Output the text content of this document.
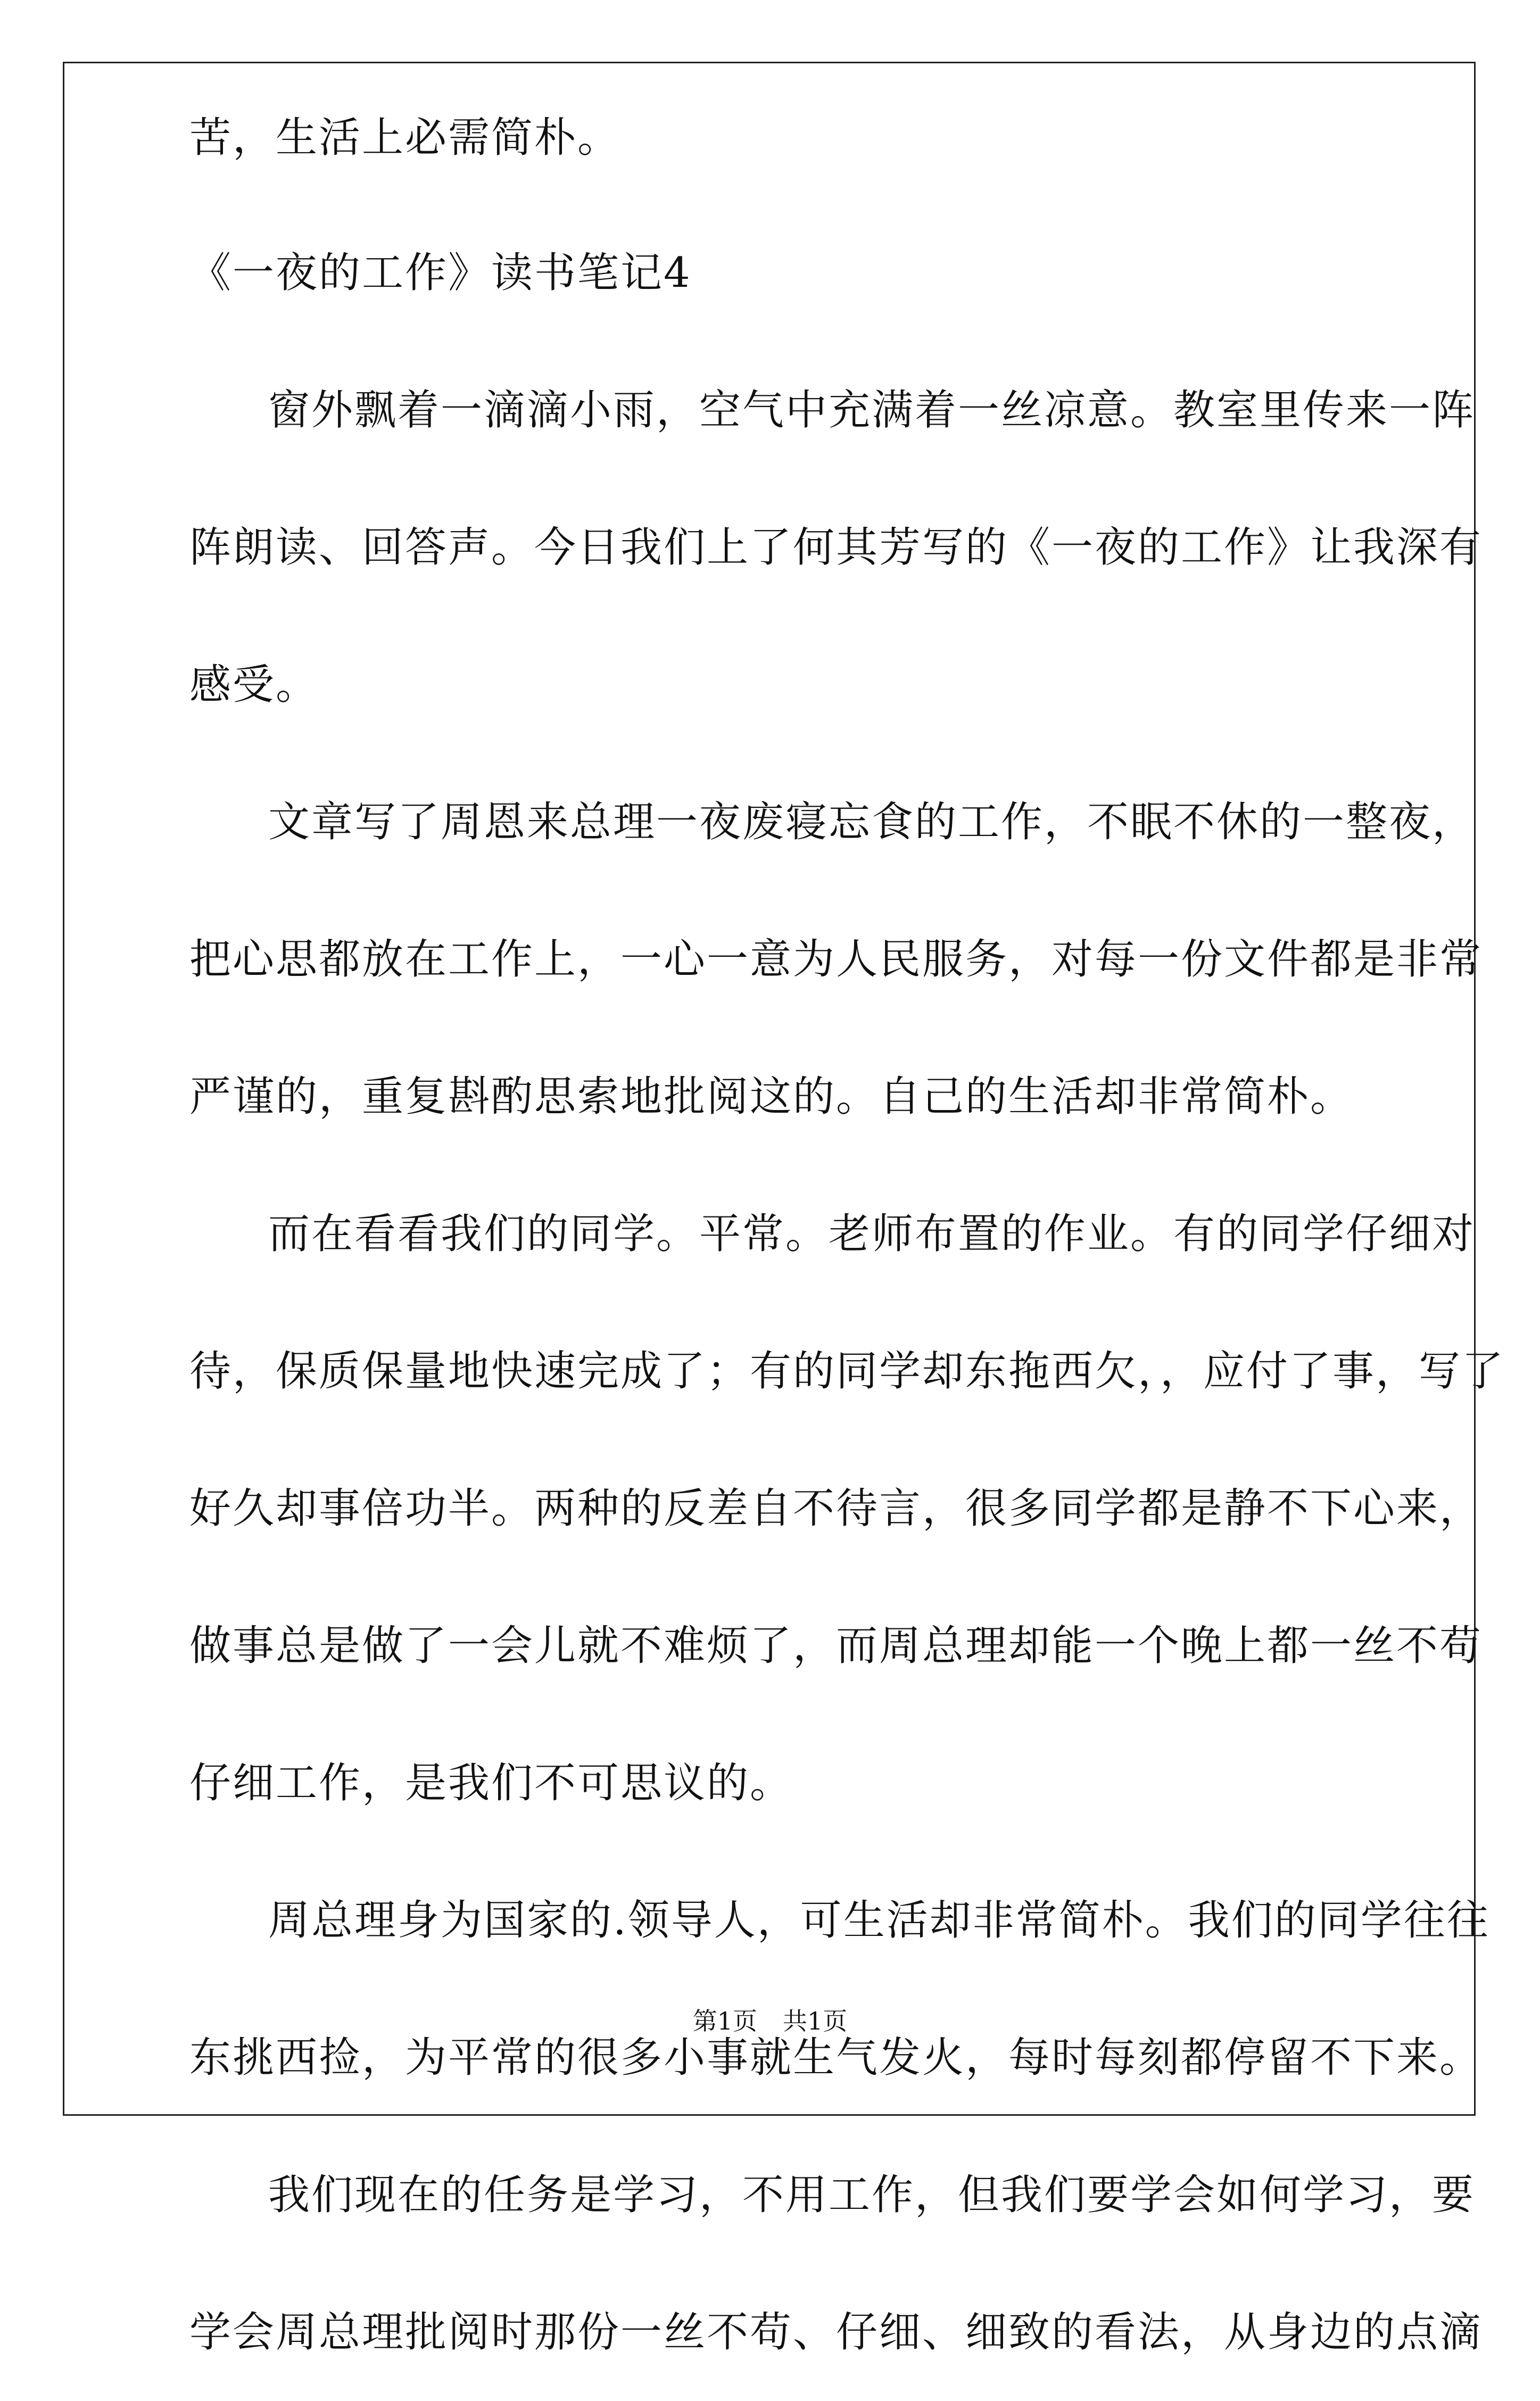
苦，生活上必需简朴。
《一夜的工作》读书笔记4
窗外飘着一滴滴小雨，空气中充满着一丝凉意。教室里传来一阵
阵朗读、回答声。今日我们上了何其芳写的《一夜的工作》让我深有
感受。
文章写了周恩来总理一夜废寝忘食的工作，不眠不休的一整夜，
把心思都放在工作上，一心一意为人民服务，对每一份文件都是非常
严谨的，重复斟酌思索地批阅这的。自己的生活却非常简朴。
而在看看我们的同学。平常。老师布置的作业。有的同学仔细对
待，保质保量地快速完成了；有的同学却东拖西欠，，应付了事，写了
好久却事倍功半。两种的反差自不待言，很多同学都是静不下心来，
做事总是做了一会儿就不难烦了，而周总理却能一个晚上都一丝不苟
仔细工作，是我们不可思议的。
周总理身为国家的.领导人，可生活却非常简朴。我们的同学往往
东挑西捡，为平常的很多小事就生气发火，每时每刻都停留不下来。
我们现在的任务是学习，不用工作，但我们要学会如何学习，要
学会周总理批阅时那份一丝不苟、仔细、细致的看法，从身边的点滴
第1页 共1页
